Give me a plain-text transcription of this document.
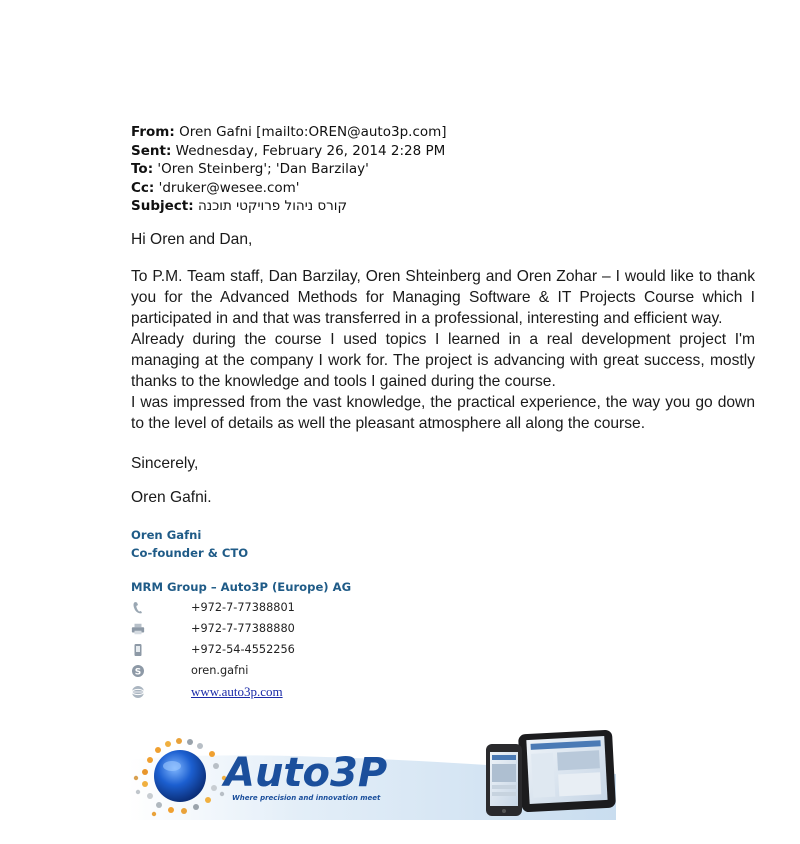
From: Oren Gafni [mailto:OREN@auto3p.com]
Sent: Wednesday, February 26, 2014 2:28 PM
To: 'Oren Steinberg'; 'Dan Barzilay'
Cc: 'druker@wesee.com'
Subject: קורס ניהול פרויקטי תוכנה
Hi Oren and Dan,
To P.M. Team staff, Dan Barzilay, Oren Shteinberg and Oren Zohar – I would like to thank you for the Advanced Methods for Managing Software & IT Projects Course which I participated in and that was transferred in a professional, interesting and efficient way.
Already during the course I used topics I learned in a real development project I'm managing at the company I work for. The project is advancing with great success, mostly thanks to the knowledge and tools I gained during the course.
I was impressed from the vast knowledge, the practical experience, the way you go down to the level of details as well the pleasant atmosphere all along the course.
Sincerely,
Oren Gafni.
Oren Gafni
Co-founder & CTO
MRM Group – Auto3P (Europe) AG
+972-7-77388801
+972-7-77388880
+972-54-4552256
S	oren.gafni
www.auto3p.com
Auto3P
Where precision and innovation meet
